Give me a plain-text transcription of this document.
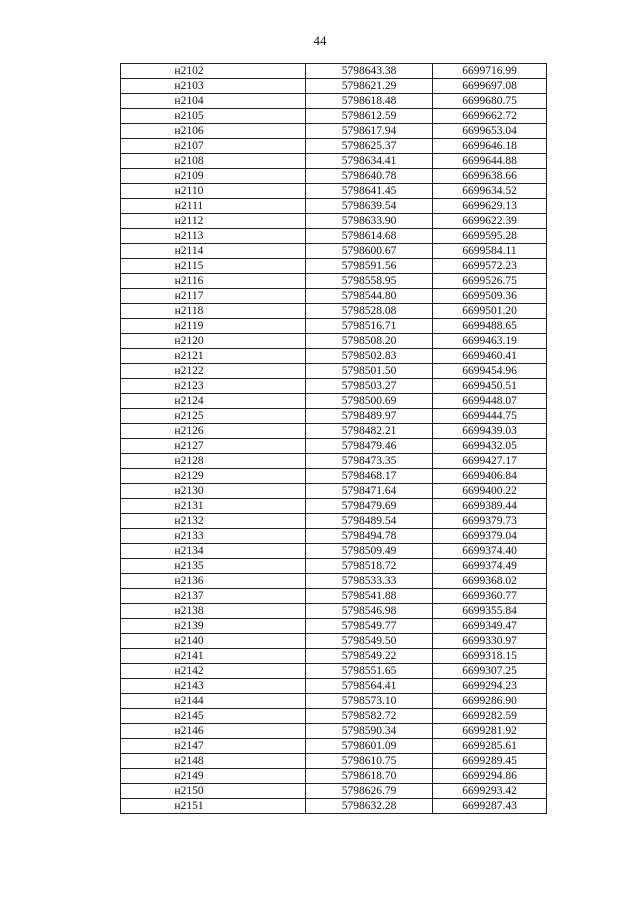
44
н2102	5798643.38	6699716.99
н2103	5798621.29	6699697.08
н2104	5798618.48	6699680.75
н2105	5798612.59	6699662.72
н2106	5798617.94	6699653.04
н2107	5798625.37	6699646.18
н2108	5798634.41	6699644.88
н2109	5798640.78	6699638.66
н2110	5798641.45	6699634.52
н2111	5798639.54	6699629.13
н2112	5798633.90	6699622.39
н2113	5798614.68	6699595.28
н2114	5798600.67	6699584.11
н2115	5798591.56	6699572.23
н2116	5798558.95	6699526.75
н2117	5798544.80	6699509.36
н2118	5798528.08	6699501.20
н2119	5798516.71	6699488.65
н2120	5798508.20	6699463.19
н2121	5798502.83	6699460.41
н2122	5798501.50	6699454.96
н2123	5798503.27	6699450.51
н2124	5798500.69	6699448.07
н2125	5798489.97	6699444.75
н2126	5798482.21	6699439.03
н2127	5798479.46	6699432.05
н2128	5798473.35	6699427.17
н2129	5798468.17	6699406.84
н2130	5798471.64	6699400.22
н2131	5798479.69	6699389.44
н2132	5798489.54	6699379.73
н2133	5798494.78	6699379.04
н2134	5798509.49	6699374.40
н2135	5798518.72	6699374.49
н2136	5798533.33	6699368.02
н2137	5798541.88	6699360.77
н2138	5798546.98	6699355.84
н2139	5798549.77	6699349.47
н2140	5798549.50	6699330.97
н2141	5798549.22	6699318.15
н2142	5798551.65	6699307.25
н2143	5798564.41	6699294.23
н2144	5798573.10	6699286.90
н2145	5798582.72	6699282.59
н2146	5798590.34	6699281.92
н2147	5798601.09	6699285.61
н2148	5798610.75	6699289.45
н2149	5798618.70	6699294.86
н2150	5798626.79	6699293.42
н2151	5798632.28	6699287.43
